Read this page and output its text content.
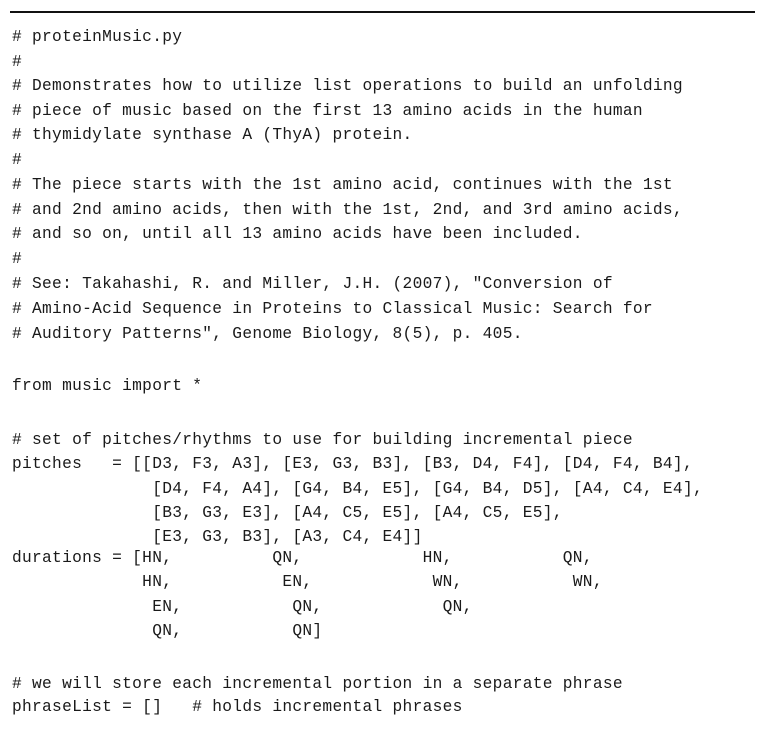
# proteinMusic.py

#

# Demonstrates how to utilize list operations to build an unfolding

# piece of music based on the first 13 amino acids in the human

# thymidylate synthase A (ThyA) protein.

#

# The piece starts with the 1st amino acid, continues with the 1st

# and 2nd amino acids, then with the 1st, 2nd, and 3rd amino acids,

# and so on, until all 13 amino acids have been included.

#

# See: Takahashi, R. and Miller, J.H. (2007), "Conversion of

# Amino-Acid Sequence in Proteins to Classical Music: Search for

# Auditory Patterns", Genome Biology, 8(5), p. 405.

from music import *

# set of pitches/rhythms to use for building incremental piece

pitches   = [[D3, F3, A3], [E3, G3, B3], [B3, D4, F4], [D4, F4, B4],

[D4, F4, A4], [G4, B4, E5], [G4, B4, D5], [A4, C4, E4],

[B3, G3, E3], [A4, C5, E5], [A4, C5, E5],

[E3, G3, B3], [A3, C4, E4]]

durations = [HN,          QN,            HN,           QN,

HN,           EN,            WN,           WN,

EN,           QN,            QN,

QN,           QN]

# we will store each incremental portion in a separate phrase

phraseList = []   # holds incremental phrases
